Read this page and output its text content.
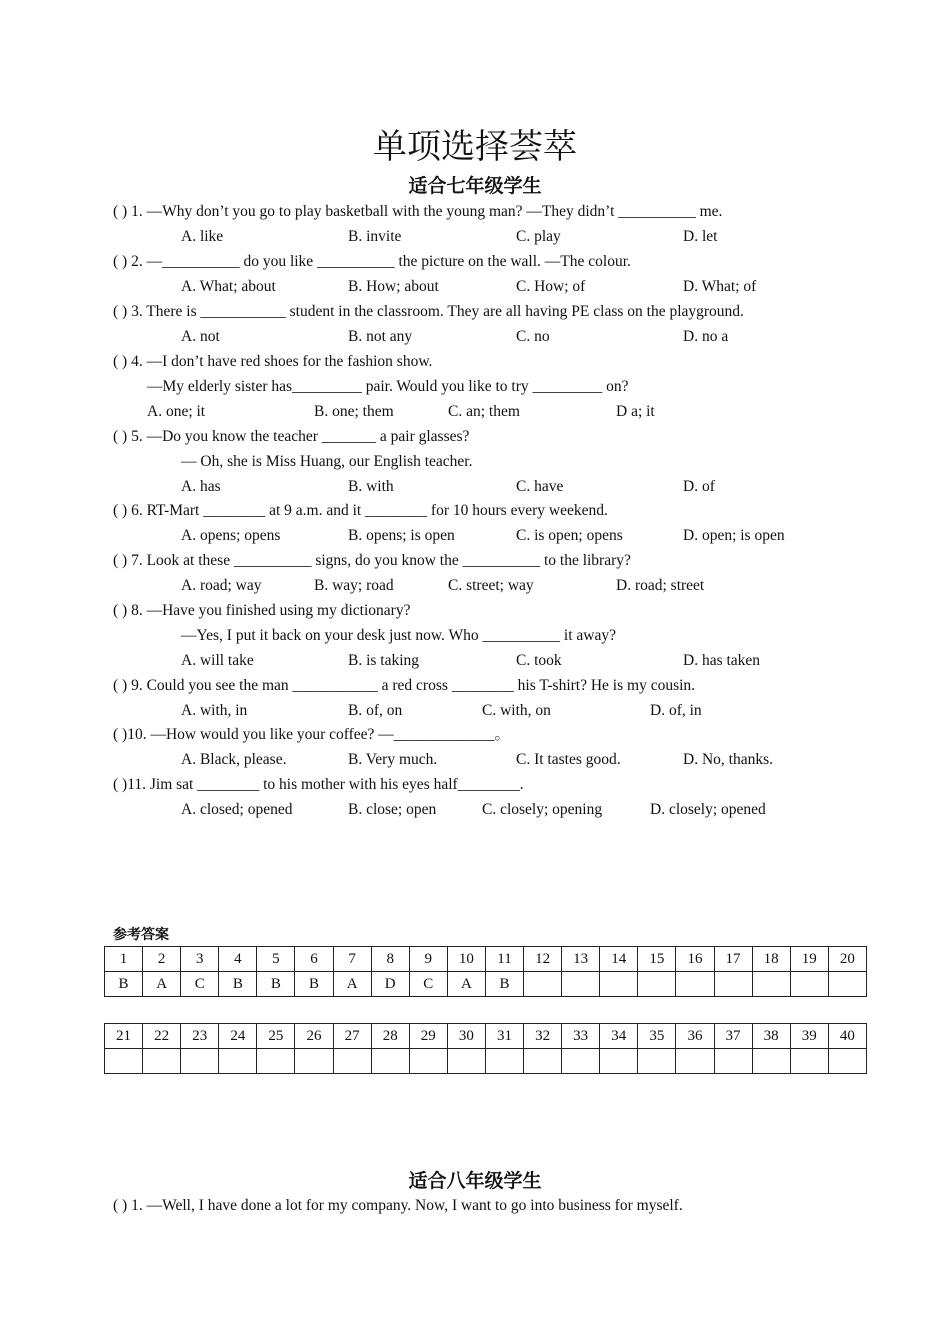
单项选择荟萃
适合七年级学生
( ) 1. —Why don’t you go to play basketball with the young man? —They didn’t __________ me.
A. like	B. invite	C. play	D. let
( ) 2. —__________ do you like __________ the picture on the wall. —The colour.
A. What; about	B. How; about	C. How; of	D. What; of
( ) 3. There is ___________ student in the classroom. They are all having PE class on the playground.
A. not	B. not any	C. no	D. no a
( ) 4. —I don’t have red shoes for the fashion show.
—My elderly sister has_________ pair. Would you like to try _________ on?
A. one; it	B. one; them	C. an; them	D a; it
( ) 5. —Do you know the teacher _______ a pair glasses?
— Oh, she is Miss Huang, our English teacher.
A. has	B. with	C. have	D. of
( ) 6. RT-Mart ________ at 9 a.m. and it ________ for 10 hours every weekend.
A. opens; opens	B. opens; is open	C. is open; opens	D. open; is open
( ) 7. Look at these __________ signs, do you know the __________ to the library?
A. road; way	B. way; road	C. street; way	D. road; street
( ) 8. —Have you finished using my dictionary?
—Yes, I put it back on your desk just now. Who __________ it away?
A. will take	B. is taking	C. took	D. has taken
( ) 9. Could you see the man ___________ a red cross ________ his T-shirt? He is my cousin.
A. with, in	B. of, on	C. with, on	D. of, in
( )10. —How would you like your coffee? —_____________。
A. Black, please.	B. Very much.	C. It tastes good.	D. No, thanks.
( )11. Jim sat ________ to his mother with his eyes half________.
A. closed; opened	B. close; open	C. closely; opening	D. closely; opened
参考答案
1	2	3	4	5	6	7	8	9	10	11	12	13	14	15	16	17	18	19	20
B	A	C	B	B	B	A	D	C	A	B									
21	22	23	24	25	26	27	28	29	30	31	32	33	34	35	36	37	38	39	40

适合八年级学生
( ) 1. —Well, I have done a lot for my company. Now, I want to go into business for myself.
